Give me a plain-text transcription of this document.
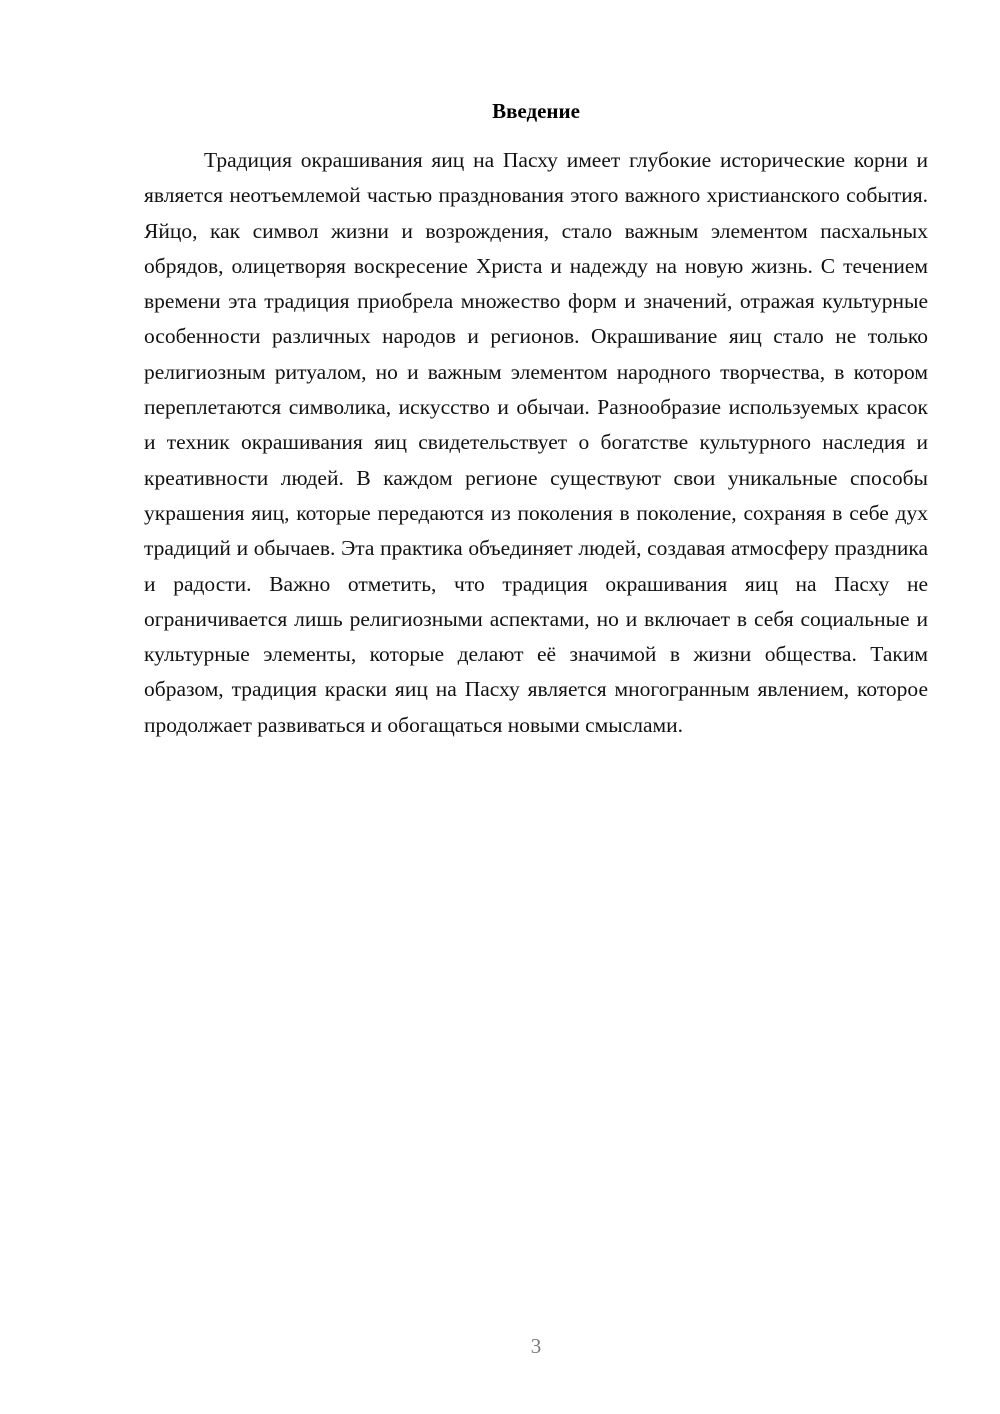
Введение

Традиция окрашивания яиц на Пасху имеет глубокие исторические корни и является неотъемлемой частью празднования этого важного христианского события. Яйцо, как символ жизни и возрождения, стало важным элементом пасхальных обрядов, олицетворяя воскресение Христа и надежду на новую жизнь. С течением времени эта традиция приобрела множество форм и значений, отражая культурные особенности различных народов и регионов. Окрашивание яиц стало не только религиозным ритуалом, но и важным элементом народного творчества, в котором переплетаются символика, искусство и обычаи. Разнообразие используемых красок и техник окрашивания яиц свидетельствует о богатстве культурного наследия и креативности людей. В каждом регионе существуют свои уникальные способы украшения яиц, которые передаются из поколения в поколение, сохраняя в себе дух традиций и обычаев. Эта практика объединяет людей, создавая атмосферу праздника и радости. Важно отметить, что традиция окрашивания яиц на Пасху не ограничивается лишь религиозными аспектами, но и включает в себя социальные и культурные элементы, которые делают её значимой в жизни общества. Таким образом, традиция краски яиц на Пасху является многогранным явлением, которое продолжает развиваться и обогащаться новыми смыслами.

3
